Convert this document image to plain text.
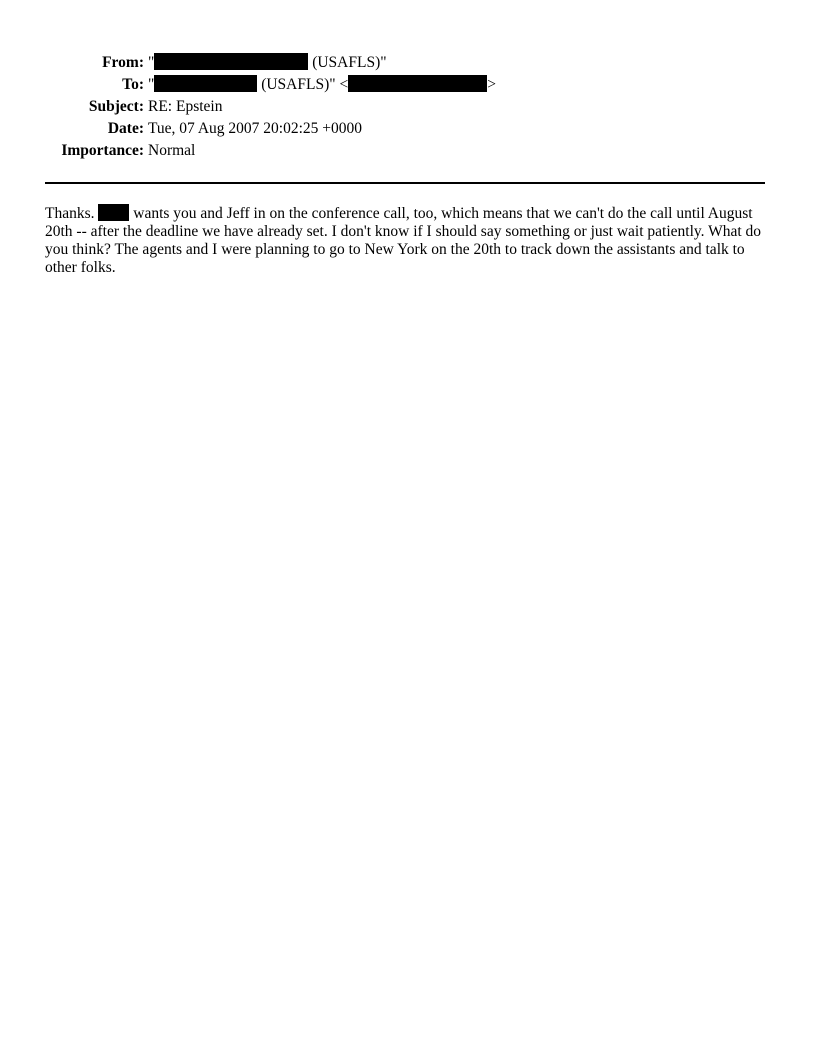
From: "	(USAFLS)"
To: "	(USAFLS)" <	>
Subject: RE: Epstein
Date: Tue, 07 Aug 2007 20:02:25 +0000
Importance: Normal
Thanks.  wants you and Jeff in on the conference call, too, which means that we can't do the call until August 20th -- after the deadline we have already set. I don't know if I should say something or just wait patiently. What do you think? The agents and I were planning to go to New York on the 20th to track down the assistants and talk to other folks.
